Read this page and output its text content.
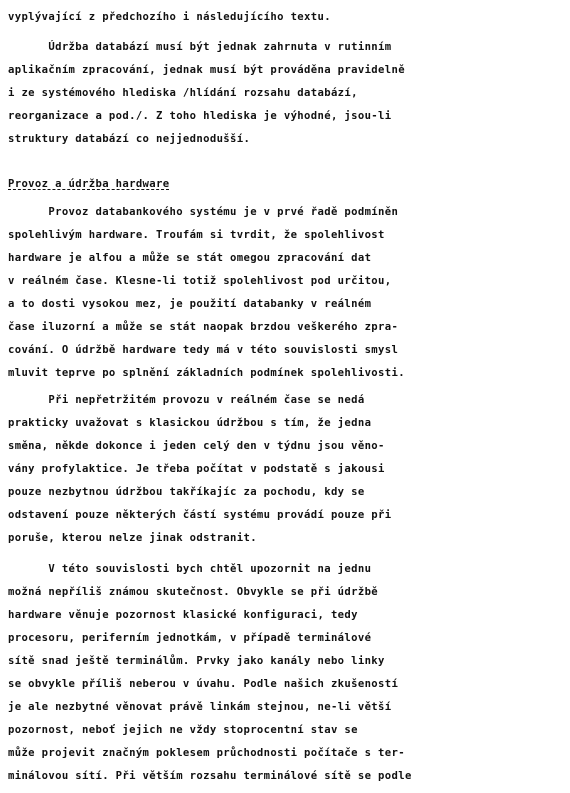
vyplývající z předchozího i následujícího textu.
Údržba databází musí být jednak zahrnuta v rutinním
aplikačním zpracování, jednak musí být prováděna pravidelně
i ze systémového hlediska /hlídání rozsahu databází,
reorganizace a pod./. Z toho hlediska je výhodné, jsou-li
struktury databází co nejjednodušší.
Provoz a údržba hardware
Provoz databankového systému je v prvé řadě podmíněn
spolehlivým hardware. Troufám si tvrdit, že spolehlivost
hardware je alfou a může se stát omegou zpracování dat
v reálném čase. Klesne-li totiž spolehlivost pod určitou,
a to dosti vysokou mez, je použití databanky v reálném
čase iluzorní a může se stát naopak brzdou veškerého zpra-
cování. O údržbě hardware tedy má v této souvislosti smysl
mluvit teprve po splnění základních podmínek spolehlivosti.
Při nepřetržitém provozu v reálném čase se nedá
prakticky uvažovat s klasickou údržbou s tím, že jedna
směna, někde dokonce i jeden celý den v týdnu jsou věno-
vány profylaktice. Je třeba počítat v podstatě s jakousi
pouze nezbytnou údržbou takříkajíc za pochodu, kdy se
odstavení pouze některých částí systému provádí pouze při
poruše, kterou nelze jinak odstranit.
V této souvislosti bych chtěl upozornit na jednu
možná nepříliš známou skutečnost. Obvykle se při údržbě
hardware věnuje pozornost klasické konfiguraci, tedy
procesoru, periferním jednotkám, v případě terminálové
sítě snad ještě terminálům. Prvky jako kanály nebo linky
se obvykle příliš neberou v úvahu. Podle našich zkušeností
je ale nezbytné věnovat právě linkám stejnou, ne-li větší
pozornost, neboť jejich ne vždy stoprocentní stav se
může projevit značným poklesem průchodnosti počítače s ter-
minálovou sítí. Při větším rozsahu terminálové sítě se podle
